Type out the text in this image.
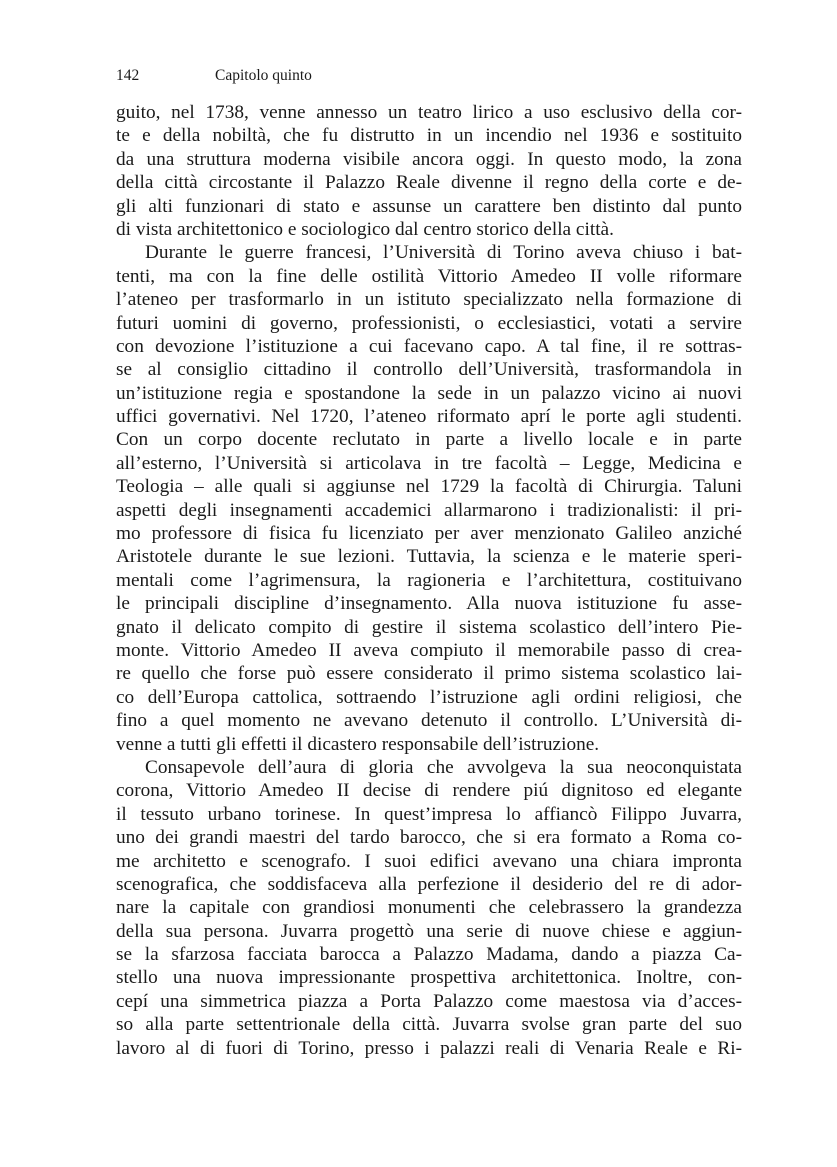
142	Capitolo quinto
guito, nel 1738, venne annesso un teatro lirico a uso esclusivo della cor-
te e della nobiltà, che fu distrutto in un incendio nel 1936 e sostituito
da una struttura moderna visibile ancora oggi. In questo modo, la zona
della città circostante il Palazzo Reale divenne il regno della corte e de-
gli alti funzionari di stato e assunse un carattere ben distinto dal punto
di vista architettonico e sociologico dal centro storico della città.
Durante le guerre francesi, l’Università di Torino aveva chiuso i bat-
tenti, ma con la fine delle ostilità Vittorio Amedeo II volle riformare
l’ateneo per trasformarlo in un istituto specializzato nella formazione di
futuri uomini di governo, professionisti, o ecclesiastici, votati a servire
con devozione l’istituzione a cui facevano capo. A tal fine, il re sottras-
se al consiglio cittadino il controllo dell’Università, trasformandola in
un’istituzione regia e spostandone la sede in un palazzo vicino ai nuovi
uffici governativi. Nel 1720, l’ateneo riformato aprí le porte agli studenti.
Con un corpo docente reclutato in parte a livello locale e in parte
all’esterno, l’Università si articolava in tre facoltà – Legge, Medicina e
Teologia – alle quali si aggiunse nel 1729 la facoltà di Chirurgia. Taluni
aspetti degli insegnamenti accademici allarmarono i tradizionalisti: il pri-
mo professore di fisica fu licenziato per aver menzionato Galileo anziché
Aristotele durante le sue lezioni. Tuttavia, la scienza e le materie speri-
mentali come l’agrimensura, la ragioneria e l’architettura, costituivano
le principali discipline d’insegnamento. Alla nuova istituzione fu asse-
gnato il delicato compito di gestire il sistema scolastico dell’intero Pie-
monte. Vittorio Amedeo II aveva compiuto il memorabile passo di crea-
re quello che forse può essere considerato il primo sistema scolastico lai-
co dell’Europa cattolica, sottraendo l’istruzione agli ordini religiosi, che
fino a quel momento ne avevano detenuto il controllo. L’Università di-
venne a tutti gli effetti il dicastero responsabile dell’istruzione.
Consapevole dell’aura di gloria che avvolgeva la sua neoconquistata
corona, Vittorio Amedeo II decise di rendere piú dignitoso ed elegante
il tessuto urbano torinese. In quest’impresa lo affiancò Filippo Juvarra,
uno dei grandi maestri del tardo barocco, che si era formato a Roma co-
me architetto e scenografo. I suoi edifici avevano una chiara impronta
scenografica, che soddisfaceva alla perfezione il desiderio del re di ador-
nare la capitale con grandiosi monumenti che celebrassero la grandezza
della sua persona. Juvarra progettò una serie di nuove chiese e aggiun-
se la sfarzosa facciata barocca a Palazzo Madama, dando a piazza Ca-
stello una nuova impressionante prospettiva architettonica. Inoltre, con-
cepí una simmetrica piazza a Porta Palazzo come maestosa via d’acces-
so alla parte settentrionale della città. Juvarra svolse gran parte del suo
lavoro al di fuori di Torino, presso i palazzi reali di Venaria Reale e Ri-
